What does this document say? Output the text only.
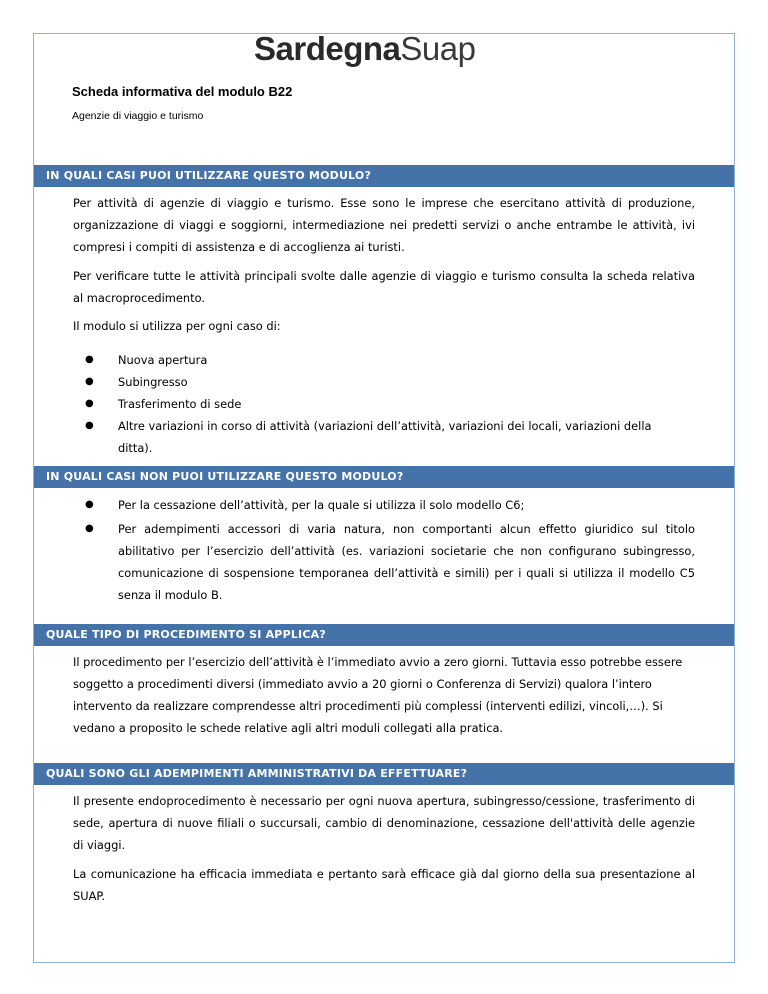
SardegnaSuap
Scheda informativa del modulo B22
Agenzie di viaggio e turismo
IN QUALI CASI PUOI UTILIZZARE QUESTO MODULO?

Per attività di agenzie di viaggio e turismo. Esse sono le imprese che esercitano attività di produzione, organizzazione di viaggi e soggiorni, intermediazione nei predetti servizi o anche entrambe le attività, ivi compresi i compiti di assistenza e di accoglienza ai turisti.

Per verificare tutte le attività principali svolte dalle agenzie di viaggio e turismo consulta la scheda relativa al macroprocedimento.

Il modulo si utilizza per ogni caso di:

● Nuova apertura
● Subingresso
● Trasferimento di sede
● Altre variazioni in corso di attività (variazioni dell’attività, variazioni dei locali, variazioni della ditta).
IN QUALI CASI NON PUOI UTILIZZARE QUESTO MODULO?
● Per la cessazione dell’attività, per la quale si utilizza il solo modello C6;
● Per adempimenti accessori di varia natura, non comportanti alcun effetto giuridico sul titolo abilitativo per l’esercizio dell’attività (es. variazioni societarie che non configurano subingresso, comunicazione di sospensione temporanea dell’attività e simili) per i quali si utilizza il modello C5 senza il modulo B.
QUALE TIPO DI PROCEDIMENTO SI APPLICA?

Il procedimento per l’esercizio dell’attività è l’immediato avvio a zero giorni. Tuttavia esso potrebbe essere soggetto a procedimenti diversi (immediato avvio a 20 giorni o Conferenza di Servizi) qualora l’intero intervento da realizzare comprendesse altri procedimenti più complessi (interventi edilizi, vincoli,…). Si vedano a proposito le schede relative agli altri moduli collegati alla pratica.

QUALI SONO GLI ADEMPIMENTI AMMINISTRATIVI DA EFFETTUARE?

Il presente endoprocedimento è necessario per ogni nuova apertura, subingresso/cessione, trasferimento di sede, apertura di nuove filiali o succursali, cambio di denominazione, cessazione dell'attività delle agenzie di viaggi.

La comunicazione ha efficacia immediata e pertanto sarà efficace già dal giorno della sua presentazione al SUAP.
